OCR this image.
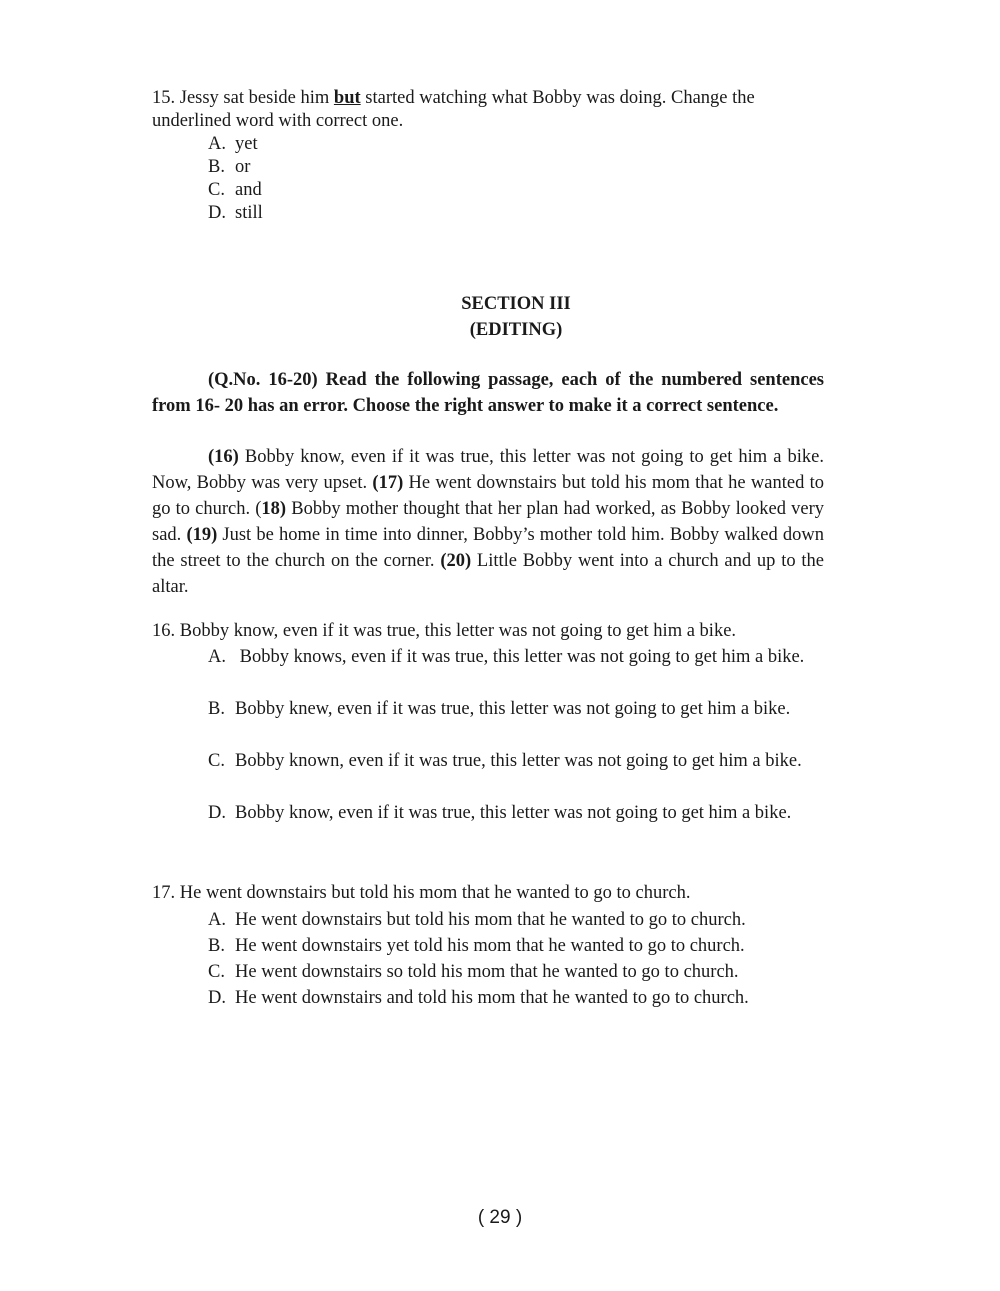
15. Jessy sat beside him but started watching what Bobby was doing. Change the underlined word with correct one.
A. yet
B. or
C. and
D. still
SECTION III
(EDITING)
(Q.No. 16-20) Read the following passage, each of the numbered sentences from 16- 20 has an error. Choose the right answer to make it a correct sentence.
(16) Bobby know, even if it was true, this letter was not going to get him a bike. Now, Bobby was very upset. (17) He went downstairs but told his mom that he wanted to go to church. (18) Bobby mother thought that her plan had worked, as Bobby looked very sad. (19) Just be home in time into dinner, Bobby’s mother told him. Bobby walked down the street to the church on the corner. (20) Little Bobby went into a church and up to the altar.
16. Bobby know, even if it was true, this letter was not going to get him a bike.
A. Bobby knows, even if it was true, this letter was not going to get him a bike.
B. Bobby knew, even if it was true, this letter was not going to get him a bike.
C. Bobby known, even if it was true, this letter was not going to get him a bike.
D. Bobby know, even if it was true, this letter was not going to get him a bike.
17. He went downstairs but told his mom that he wanted to go to church.
A. He went downstairs but told his mom that he wanted to go to church.
B. He went downstairs yet told his mom that he wanted to go to church.
C. He went downstairs so told his mom that he wanted to go to church.
D. He went downstairs and told his mom that he wanted to go to church.
( 29 )
